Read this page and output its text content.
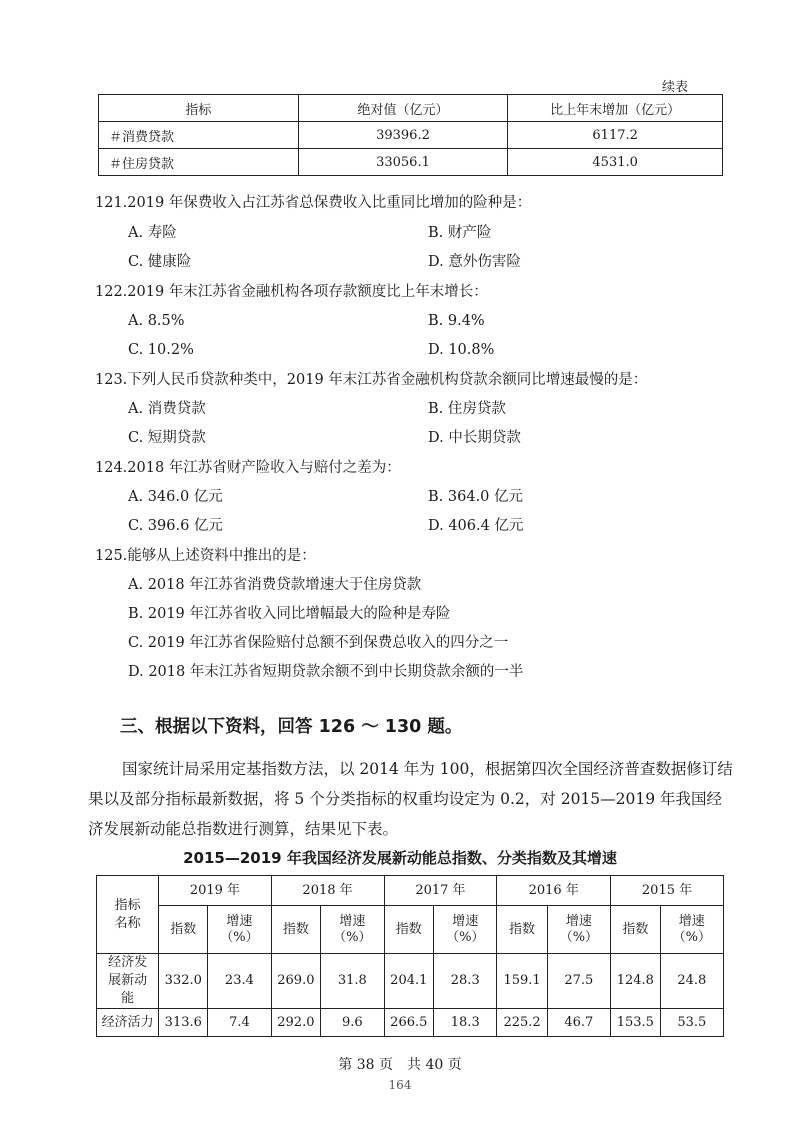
续表
指标	绝对值（亿元）	比上年末增加（亿元）
＃消费贷款	39396.2	6117.2
＃住房贷款	33056.1	4531.0
121.2019 年保费收入占江苏省总保费收入比重同比增加的险种是：
A. 寿险	B. 财产险
C. 健康险	D. 意外伤害险
122.2019 年末江苏省金融机构各项存款额度比上年末增长：
A. 8.5%	B. 9.4%
C. 10.2%	D. 10.8%
123.下列人民币贷款种类中，2019 年末江苏省金融机构贷款余额同比增速最慢的是：
A. 消费贷款	B. 住房贷款
C. 短期贷款	D. 中长期贷款
124.2018 年江苏省财产险收入与赔付之差为：
A. 346.0 亿元	B. 364.0 亿元
C. 396.6 亿元	D. 406.4 亿元
125.能够从上述资料中推出的是：
A. 2018 年江苏省消费贷款增速大于住房贷款
B. 2019 年江苏省收入同比增幅最大的险种是寿险
C. 2019 年江苏省保险赔付总额不到保费总收入的四分之一
D. 2018 年末江苏省短期贷款余额不到中长期贷款余额的一半
三、根据以下资料，回答 126 ～ 130 题。
国家统计局采用定基指数方法，以 2014 年为 100，根据第四次全国经济普查数据修订结果以及部分指标最新数据，将 5 个分类指标的权重均设定为 0.2，对 2015—2019 年我国经济发展新动能总指数进行测算，结果见下表。
2015—2019 年我国经济发展新动能总指数、分类指数及其增速
指标名称	2019 年		2018 年		2017 年		2016 年		2015 年	
	指数	增速（%）	指数	增速（%）	指数	增速（%）	指数	增速（%）	指数	增速（%）
经济发展新动能	332.0	23.4	269.0	31.8	204.1	28.3	159.1	27.5	124.8	24.8
经济活力	313.6	7.4	292.0	9.6	266.5	18.3	225.2	46.7	153.5	53.5
第 38 页　共 40 页
164
